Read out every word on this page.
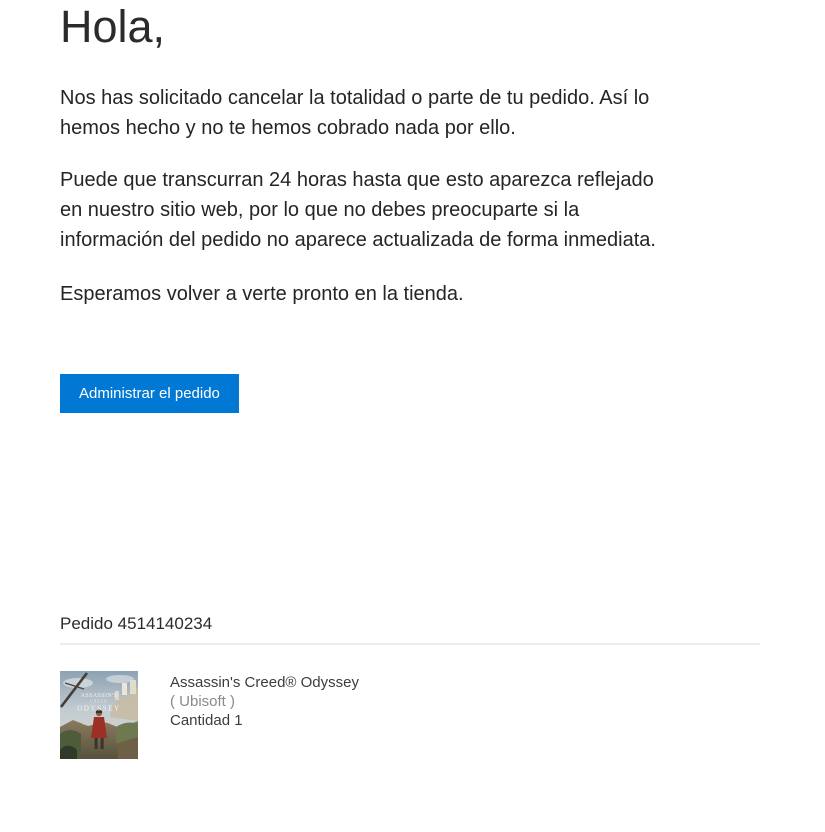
Hola,

Nos has solicitado cancelar la totalidad o parte de tu pedido. Así lo hemos hecho y no te hemos cobrado nada por ello.

Puede que transcurran 24 horas hasta que esto aparezca reflejado en nuestro sitio web, por lo que no debes preocuparte si la información del pedido no aparece actualizada de forma inmediata.

Esperamos volver a verte pronto en la tienda.

Administrar el pedido
Pedido 4514140234
ASSASSIN'S
CREED
ODYSSEY
Assassin's Creed® Odyssey
( Ubisoft )
Cantidad 1
